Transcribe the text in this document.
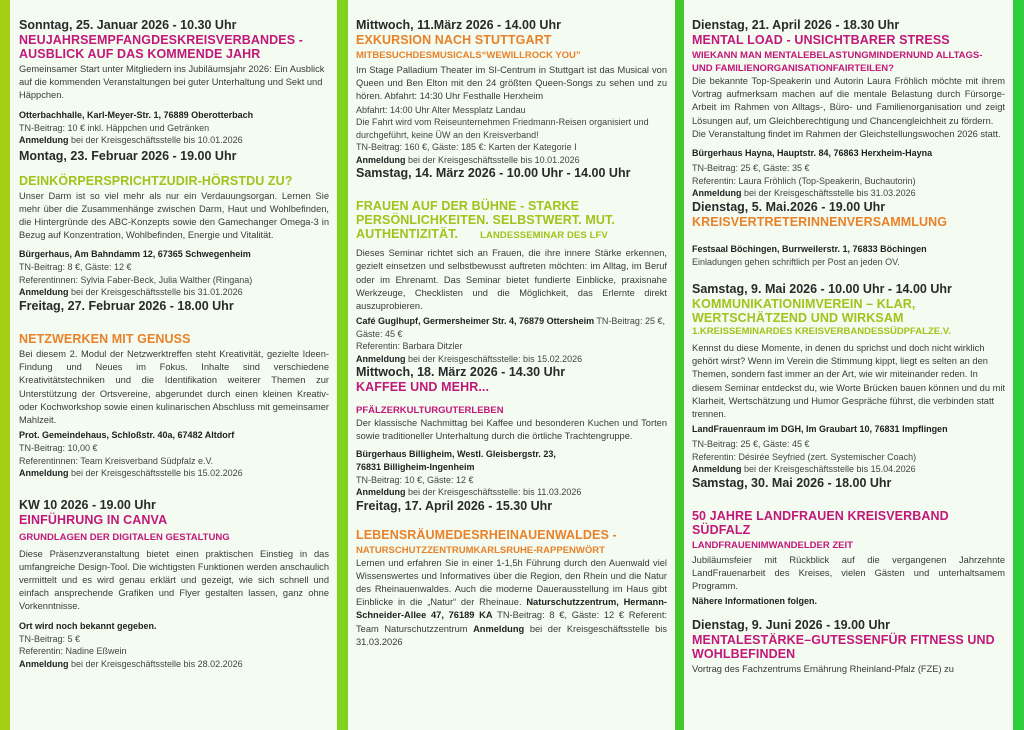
Sonntag, 25. Januar 2026 - 10.30 Uhr
NEUJAHRSEMPFANGDESKREISVERBANDES - AUSBLICK AUF DAS KOMMENDE JAHR
Gemeinsamer Start unter Mitgliedern ins Jubiläumsjahr 2026: Ein Ausblick auf die kommenden Veranstaltungen bei guter Unterhaltung und Sekt und Häppchen.
Otterbachhalle, Karl-Meyer-Str. 1, 76889 Oberotterbach
TN-Beitrag: 10 € inkl. Häppchen und Getränken
Anmeldung bei der Kreisgeschäftsstelle bis 10.01.2026
Montag, 23. Februar 2026 - 19.00 Uhr
DEINKÖRPERSPRICHTZUDIR-HÖRSTDU ZU?
Unser Darm ist so viel mehr als nur ein Verdauungsorgan. Lernen Sie mehr über die Zusammenhänge zwischen Darm, Haut und Wohlbefinden, die Hintergründe des ABC-Konzepts sowie den Gamechanger Omega-3 in Bezug auf Konzentration, Wohlbefinden, Energie und Vitalität.
Bürgerhaus, Am Bahndamm 12, 67365 Schwegenheim
TN-Beitrag: 8 €, Gäste: 12 €
Referentinnen: Sylvia Faber-Beck, Julia Walther (Ringana)
Anmeldung bei der Kreisgeschäftsstelle bis 31.01.2026
Freitag, 27. Februar 2026 - 18.00 Uhr
NETZWERKEN MIT GENUSS
Bei diesem 2. Modul der Netzwerktreffen steht Kreativität, gezielte Ideen-Findung und Neues im Fokus. Inhalte sind verschiedene Kreativitätstechniken und die Identifikation weiterer Themen zur Unterstützung der Ortsvereine, abgerundet durch einen kleinen Kreativ- oder Kochworkshop sowie einen kulinarischen Abschluss mit gemeinsamer Mahlzeit.
Prot. Gemeindehaus, Schloßstr. 40a, 67482 Altdorf
TN-Beitrag: 10,00 €
Referentinnen: Team Kreisverband Südpfalz e.V.
Anmeldung bei der Kreisgeschäftsstelle bis 15.02.2026
KW 10 2026 - 19.00 Uhr
EINFÜHRUNG IN CANVA
GRUNDLAGEN DER DIGITALEN GESTALTUNG
Diese Präsenzveranstaltung bietet einen praktischen Einstieg in das umfangreiche Design-Tool. Die wichtigsten Funktionen werden anschaulich vermittelt und es wird genau erklärt und gezeigt, wie sich schnell und einfach ansprechende Grafiken und Flyer gestalten lassen, ganz ohne Vorkenntnisse.
Ort wird noch bekannt gegeben.
TN-Beitrag: 5 €
Referentin: Nadine Eßwein
Anmeldung bei der Kreisgeschäftsstelle bis 28.02.2026
Mittwoch, 11.März 2026 - 14.00 Uhr
EXKURSION NACH STUTTGART
MITBESUCHDESMUSICALS“WEWILLROCK YOU”
Im Stage Palladium Theater im SI-Centrum in Stuttgart ist das Musical von Queen und Ben Elton mit den 24 größten Queen-Songs zu sehen und zu hören. Abfahrt: 14:30 Uhr Festhalle Herxheim
Abfahrt: 14:00 Uhr Alter Messplatz Landau
Die Fahrt wird vom Reiseunternehmen Friedmann-Reisen organisiert und durchgeführt, keine ÜW an den Kreisverband!
TN-Beitrag: 160 €, Gäste: 185 €: Karten der Kategorie I
Anmeldung bei der Kreisgeschäftsstelle bis 10.01.2026
Samstag, 14. März 2026 - 10.00 Uhr - 14.00 Uhr
FRAUEN AUF DER BÜHNE - STARKE PERSÖNLICHKEITEN. SELBSTWERT. MUT. AUTHENTIZITÄT. LANDESSEMINAR DES LFV
Dieses Seminar richtet sich an Frauen, die ihre innere Stärke erkennen, gezielt einsetzen und selbstbewusst auftreten möchten: im Alltag, im Beruf oder im Ehrenamt. Das Seminar bietet fundierte Einblicke, praxisnahe Werkzeuge, Checklisten und die Möglichkeit, das Erlernte direkt auszuprobieren.
Café Guglhupf, Germersheimer Str. 4, 76879 Ottersheim TN-Beitrag: 25 €, Gäste: 45 €
Referentin: Barbara Ditzler
Anmeldung bei der Kreisgeschäftsstelle: bis 15.02.2026
Mittwoch, 18. März 2026 - 14.30 Uhr
KAFFEE UND MEHR...
PFÄLZERKULTURGUTERLEBEN
Der klassische Nachmittag bei Kaffee und besonderen Kuchen und Torten sowie traditioneller Unterhaltung durch die örtliche Trachtengruppe.
Bürgerhaus Billigheim, Westl. Gleisbergstr. 23,
76831 Billigheim-Ingenheim
TN-Beitrag: 10 €, Gäste: 12 €
Anmeldung bei der Kreisgeschäftsstelle: bis 11.03.2026
Freitag, 17. April 2026 - 15.30 Uhr
LEBENSRÄUMEDESRHEINAUENWALDES -
NATURSCHUTZZENTRUMKARLSRUHE-RAPPENWÖRT
Lernen und erfahren Sie in einer 1-1,5h Führung durch den Auenwald viel Wissenswertes und Informatives über die Region, den Rhein und die Natur des Rheinauenwaldes. Auch die moderne Dauerausstellung im Haus gibt Einblicke in die „Natur“ der Rheinaue. Naturschutzzentrum, Hermann-Schneider-Allee 47, 76189 KA TN-Beitrag: 8 €, Gäste: 12 € Referent: Team Naturschutzzentrum Anmeldung bei der Kreisgeschäftsstelle bis 31.03.2026
Dienstag, 21. April 2026 - 18.30 Uhr
MENTAL LOAD - UNSICHTBARER STRESS
WIEKANN MAN MENTALEBELASTUNGMINDERNUND ALLTAGS- UND FAMILIENORGANISATIONFAIRTEILEN?
Die bekannte Top-Speakerin und Autorin Laura Fröhlich möchte mit ihrem Vortrag aufmerksam machen auf die mentale Belastung durch Fürsorge-Arbeit im Rahmen von Alltags-, Büro- und Familienorganisation und zeigt Lösungen auf, um Gleichberechtigung und Chancengleichheit zu fördern.
Die Veranstaltung findet im Rahmen der Gleichstellungswochen 2026 statt.
Bürgerhaus Hayna, Hauptstr. 84, 76863 Herxheim-Hayna
TN-Beitrag: 25 €, Gäste: 35 €
Referentin: Laura Fröhlich (Top-Speakerin, Buchautorin)
Anmeldung bei der Kreisgeschäftsstelle bis 31.03.2026
Dienstag, 5. Mai.2026 - 19.00 Uhr
KREISVERTRETERINNENVERSAMMLUNG
Festsaal Böchingen, Burrweilerstr. 1, 76833 Böchingen
Einladungen gehen schriftlich per Post an jeden OV.
Samstag, 9. Mai 2026 - 10.00 Uhr - 14.00 Uhr
KOMMUNIKATIONIMVEREIN – KLAR, WERTSCHÄTZEND UND WIRKSAM
1.KREISSEMINARDES KREISVERBANDESSÜDPFALZE.V.
Kennst du diese Momente, in denen du sprichst und doch nicht wirklich gehört wirst? Wenn im Verein die Stimmung kippt, liegt es selten an den Themen, sondern fast immer an der Art, wie wir miteinander reden. In diesem Seminar entdeckst du, wie Worte Brücken bauen können und du mit Klarheit, Wertschätzung und Humor Gespräche führst, die verbinden statt trennen.
LandFrauenraum im DGH, Im Graubart 10, 76831 Impflingen
TN-Beitrag: 25 €, Gäste: 45 €
Referentin: Désirée Seyfried (zert. Systemischer Coach)
Anmeldung bei der Kreisgeschäftsstelle bis 15.04.2026
Samstag, 30. Mai 2026 - 18.00 Uhr
50 JAHRE LANDFRAUEN KREISVERBAND SÜDFALZ
LANDFRAUENIMWANDELDER ZEIT
Jubiläumsfeier mit Rückblick auf die vergangenen Jahrzehnte LandFrauenarbeit des Kreises, vielen Gästen und unterhaltsamem Programm.
Nähere Informationen folgen.
Dienstag, 9. Juni 2026 - 19.00 Uhr
MENTALESTÄRKE–GUTESSENFÜR FITNESS UND WOHLBEFINDEN
Vortrag des Fachzentrums Ernährung Rheinland-Pfalz (FZE) zu
